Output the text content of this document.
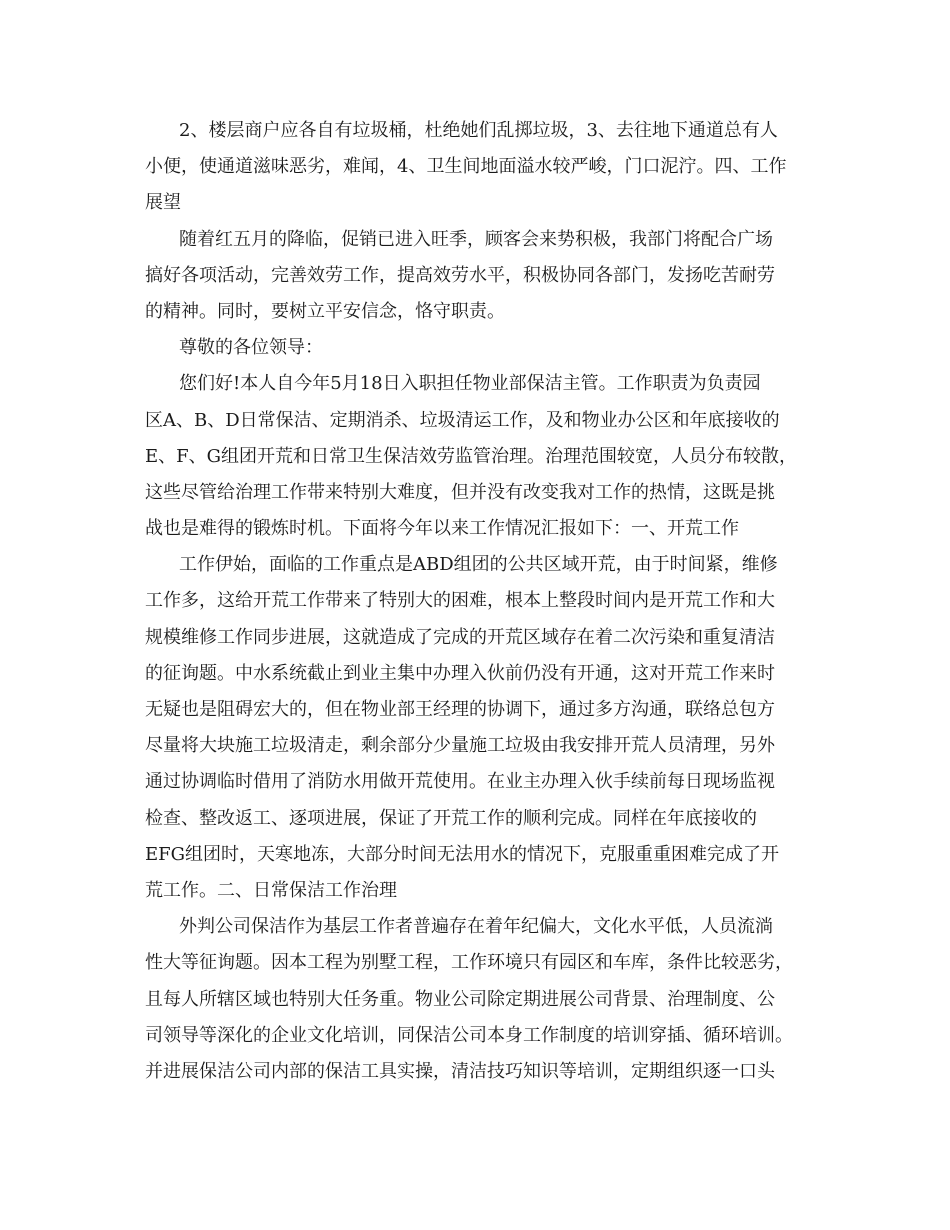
2、楼层商户应各自有垃圾桶，杜绝她们乱掷垃圾，3、去往地下通道总有人
小便，使通道滋味恶劣，难闻，4、卫生间地面溢水较严峻，门口泥泞。四、工作
展望

随着红五月的降临，促销已进入旺季，顾客会来势积极，我部门将配合广场
搞好各项活动，完善效劳工作，提高效劳水平，积极协同各部门，发扬吃苦耐劳
的精神。同时，要树立平安信念，恪守职责。

尊敬的各位领导：

您们好!本人自今年5月18日入职担任物业部保洁主管。工作职责为负责园
区A、B、D日常保洁、定期消杀、垃圾清运工作，及和物业办公区和年底接收的
E、F、G组团开荒和日常卫生保洁效劳监管治理。治理范围较宽，人员分布较散，
这些尽管给治理工作带来特别大难度，但并没有改变我对工作的热情，这既是挑
战也是难得的锻炼时机。下面将今年以来工作情况汇报如下：一、开荒工作

工作伊始，面临的工作重点是ABD组团的公共区域开荒，由于时间紧，维修
工作多，这给开荒工作带来了特别大的困难，根本上整段时间内是开荒工作和大
规模维修工作同步进展，这就造成了完成的开荒区域存在着二次污染和重复清洁
的征询题。中水系统截止到业主集中办理入伙前仍没有开通，这对开荒工作来时
无疑也是阻碍宏大的，但在物业部王经理的协调下，通过多方沟通，联络总包方
尽量将大块施工垃圾清走，剩余部分少量施工垃圾由我安排开荒人员清理，另外
通过协调临时借用了消防水用做开荒使用。在业主办理入伙手续前每日现场监视
检查、整改返工、逐项进展，保证了开荒工作的顺利完成。同样在年底接收的
EFG组团时，天寒地冻，大部分时间无法用水的情况下，克服重重困难完成了开
荒工作。二、日常保洁工作治理

外判公司保洁作为基层工作者普遍存在着年纪偏大，文化水平低，人员流淌
性大等征询题。因本工程为别墅工程，工作环境只有园区和车库，条件比较恶劣，
且每人所辖区域也特别大任务重。物业公司除定期进展公司背景、治理制度、公
司领导等深化的企业文化培训，同保洁公司本身工作制度的培训穿插、循环培训。
并进展保洁公司内部的保洁工具实操，清洁技巧知识等培训，定期组织逐一口头
